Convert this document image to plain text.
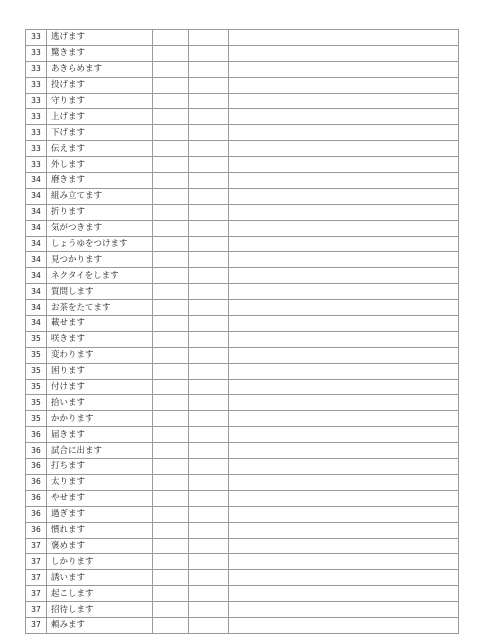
33	逃げます			
33	驚きます			
33	あきらめます			
33	投げます			
33	守ります			
33	上げます			
33	下げます			
33	伝えます			
33	外します			
34	磨きます			
34	組み立てます			
34	折ります			
34	気がつきます			
34	しょうゆをつけます			
34	見つかります			
34	ネクタイをします			
34	質問します			
34	お茶をたてます			
34	載せます			
35	咲きます			
35	変わります			
35	困ります			
35	付けます			
35	拾います			
35	かかります			
36	届きます			
36	試合に出ます			
36	打ちます			
36	太ります			
36	やせます			
36	過ぎます			
36	慣れます			
37	褒めます			
37	しかります			
37	誘います			
37	起こします			
37	招待します			
37	頼みます			
